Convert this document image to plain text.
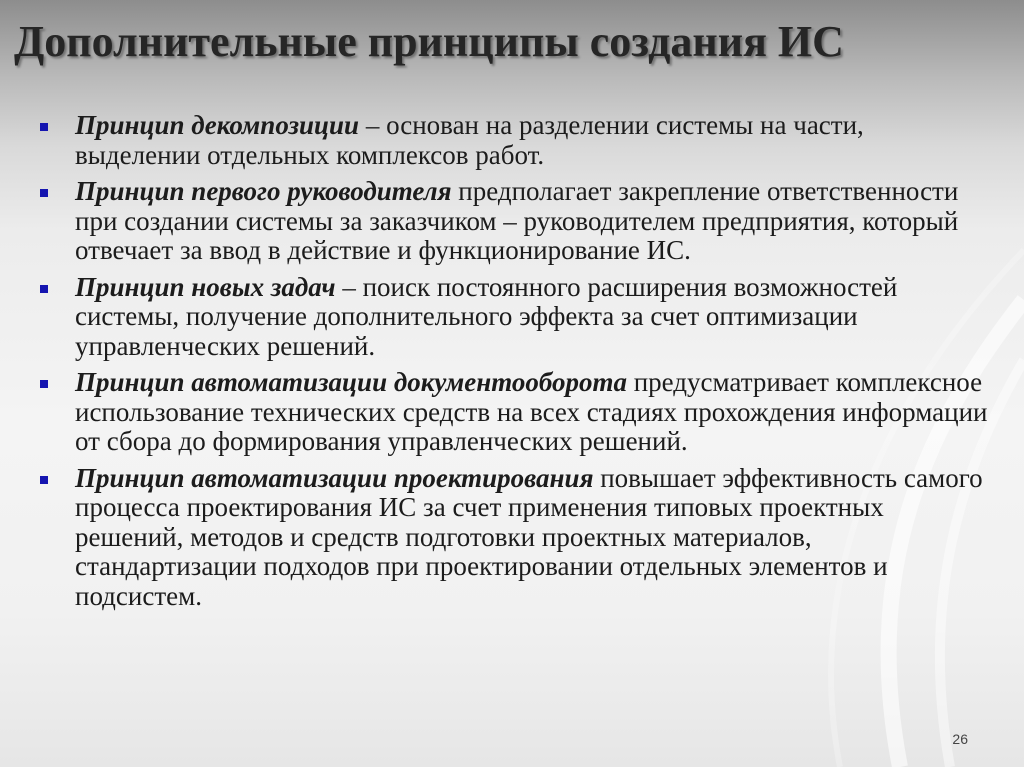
Дополнительные принципы создания ИС
Принцип декомпозиции – основан на разделении системы на части, выделении отдельных комплексов работ.
Принцип первого руководителя предполагает закрепление ответственности при создании системы за заказчиком – руководителем предприятия, который отвечает за ввод в действие и функционирование ИС.
Принцип новых задач – поиск постоянного расширения возможностей системы, получение дополнительного эффекта за счет оптимизации управленческих решений.
Принцип автоматизации документооборота предусматривает комплексное использование технических средств на всех стадиях прохождения информации от сбора до формирования управленческих решений.
Принцип автоматизации проектирования повышает эффективность самого процесса проектирования ИС за счет применения типовых проектных решений, методов и средств подготовки проектных материалов, стандартизации подходов при проектировании отдельных элементов и подсистем.
26
